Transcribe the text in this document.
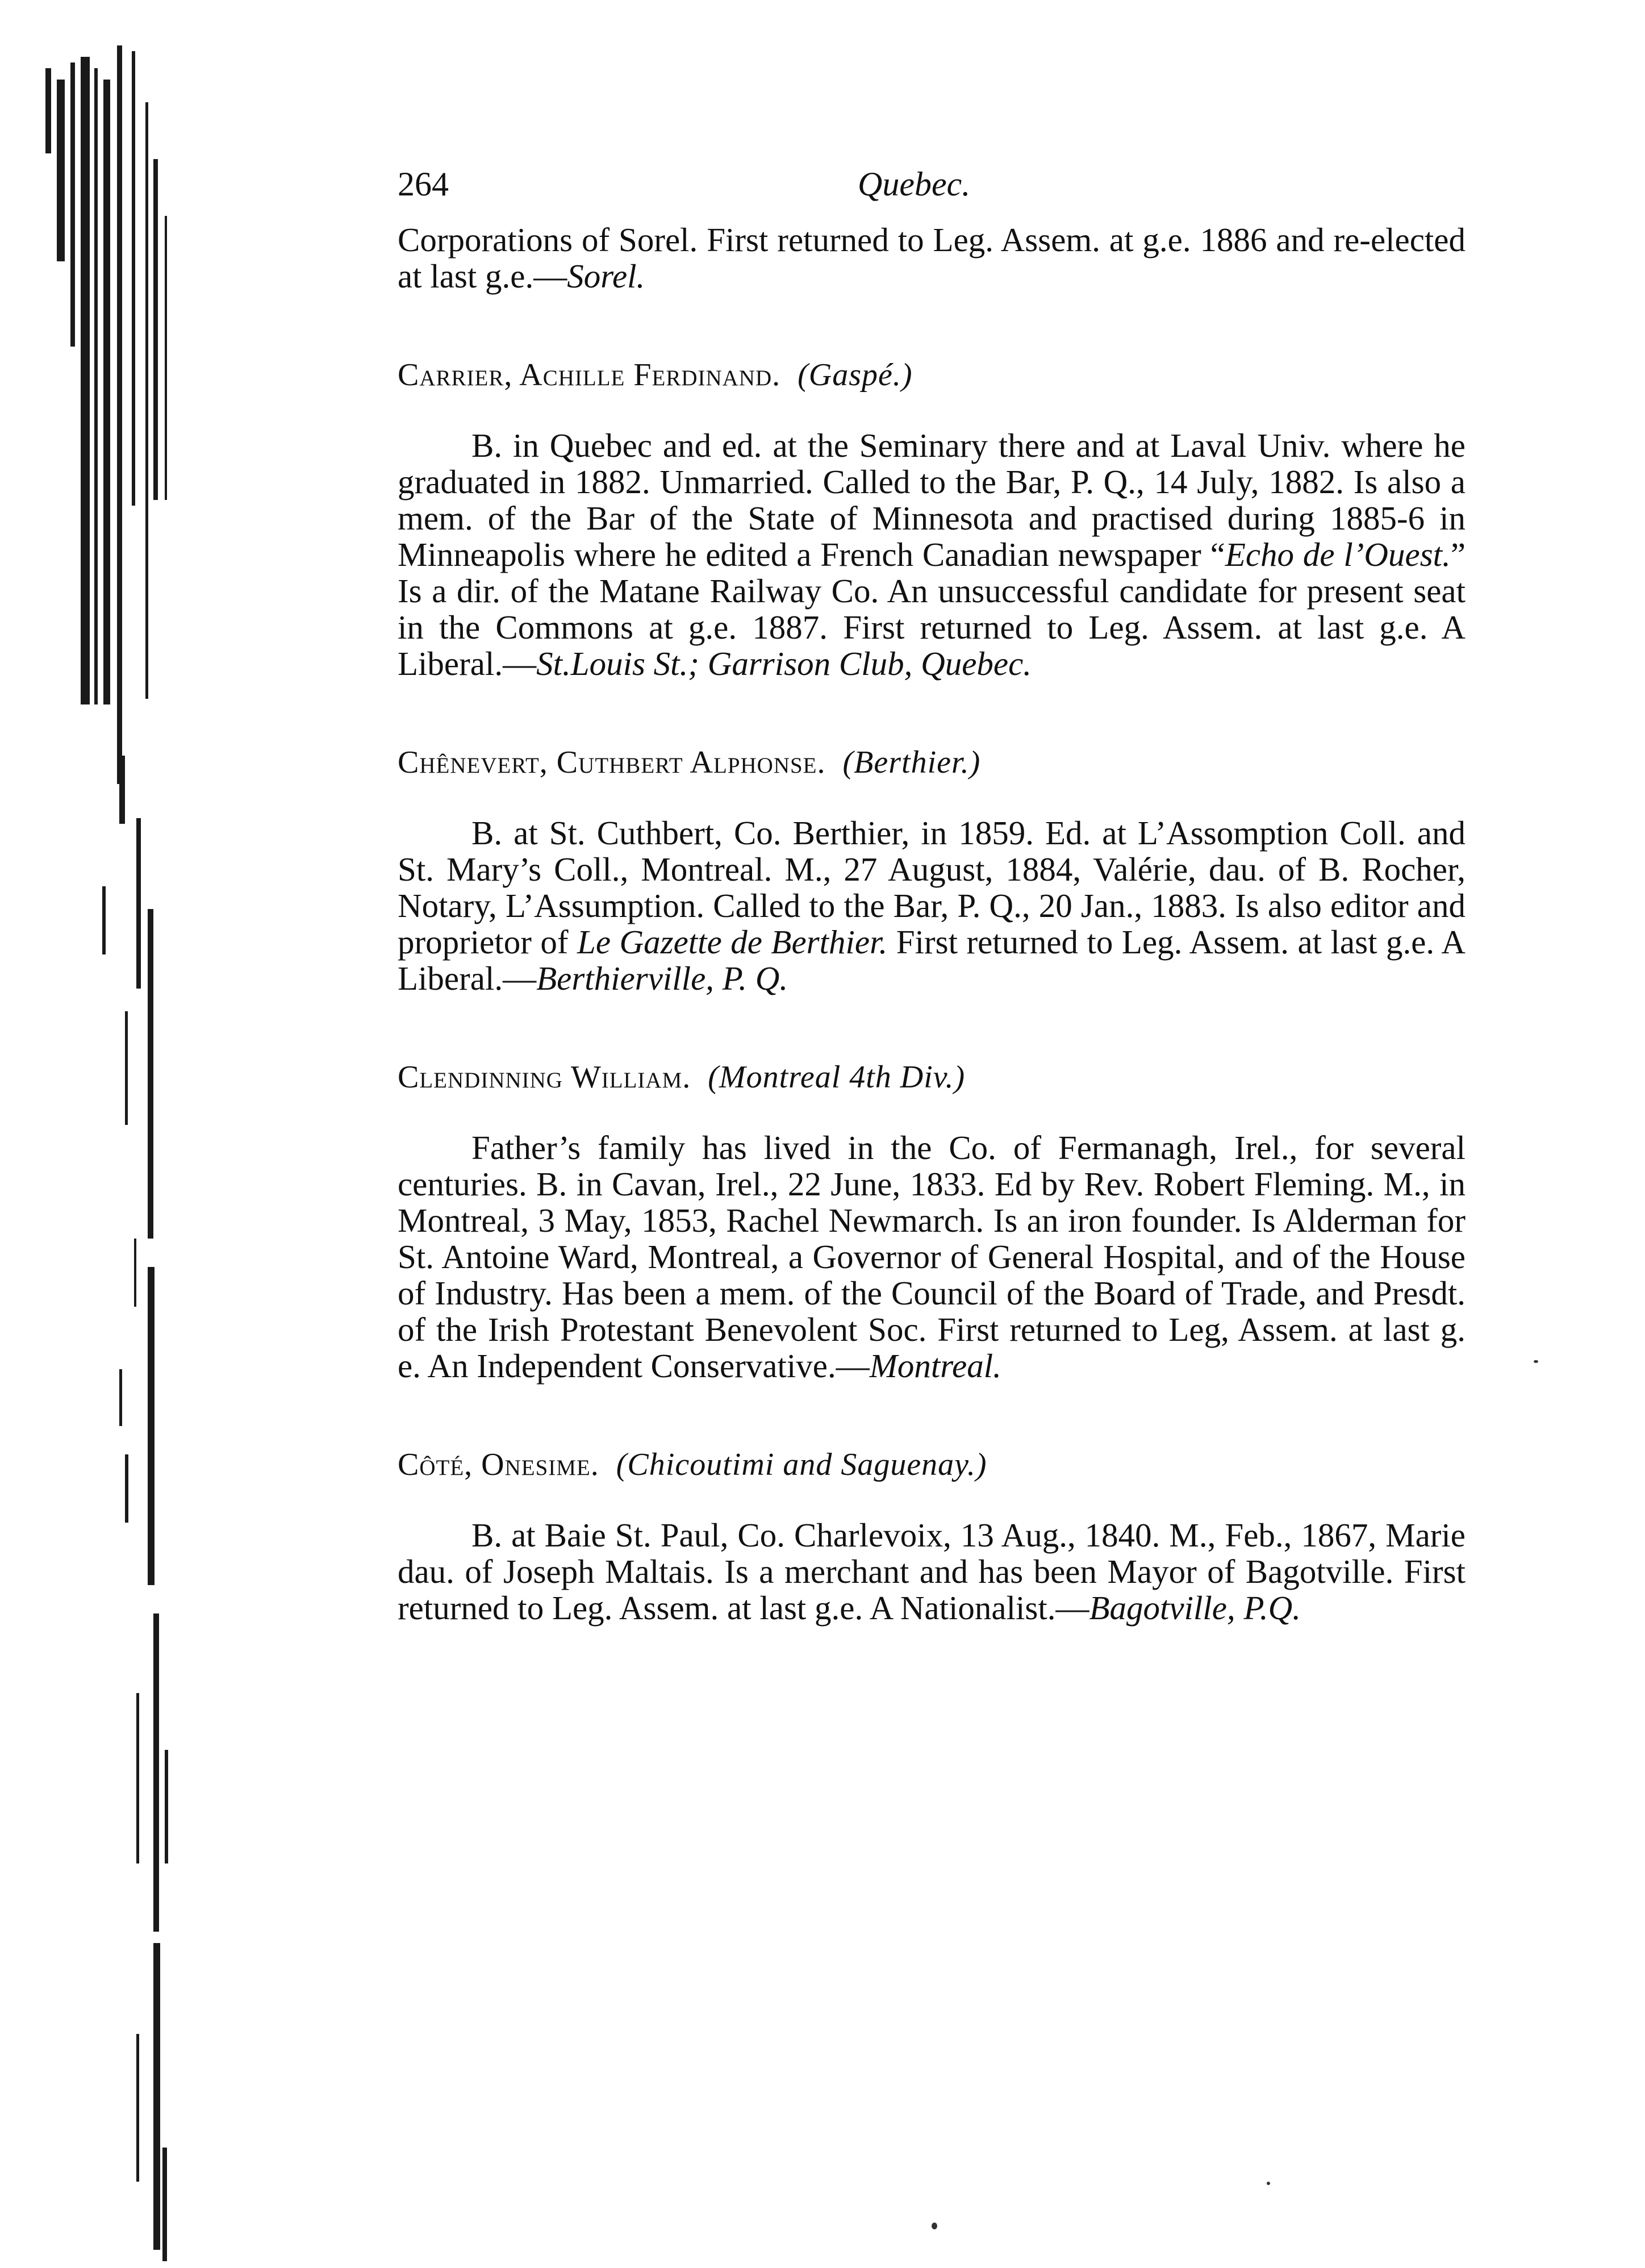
264	Quebec.

Corporations of Sorel. First returned to Leg. Assem. at g.e. 1886 and re-elected at last g.e.—Sorel.

Carrier, Achille Ferdinand. (Gaspé.)

B. in Quebec and ed. at the Seminary there and at Laval Univ. where he graduated in 1882. Unmarried. Called to the Bar, P. Q., 14 July, 1882. Is also a mem. of the Bar of the State of Minnesota and practised during 1885-6 in Minneapolis where he edited a French Canadian newspaper “Echo de l’Ouest.” Is a dir. of the Matane Railway Co. An unsuccessful candidate for present seat in the Commons at g.e. 1887. First returned to Leg. Assem. at last g.e. A Liberal.—St.Louis St.; Garrison Club, Quebec.

Chênevert, Cuthbert Alphonse. (Berthier.)

B. at St. Cuthbert, Co. Berthier, in 1859. Ed. at L’Assomption Coll. and St. Mary’s Coll., Montreal. M., 27 August, 1884, Valérie, dau. of B. Rocher, Notary, L’Assumption. Called to the Bar, P. Q., 20 Jan., 1883. Is also editor and proprietor of Le Gazette de Berthier. First returned to Leg. Assem. at last g.e. A Liberal.—Berthierville, P. Q.

Clendinning William. (Montreal 4th Div.)

Father’s family has lived in the Co. of Fermanagh, Irel., for several centuries. B. in Cavan, Irel., 22 June, 1833. Ed by Rev. Robert Fleming. M., in Montreal, 3 May, 1853, Rachel Newmarch. Is an iron founder. Is Alderman for St. Antoine Ward, Montreal, a Governor of General Hospital, and of the House of Industry. Has been a mem. of the Council of the Board of Trade, and Presdt. of the Irish Protestant Benevolent Soc. First returned to Leg, Assem. at last g. e. An Independent Conservative.—Montreal.

Côté, Onesime. (Chicoutimi and Saguenay.)

B. at Baie St. Paul, Co. Charlevoix, 13 Aug., 1840. M., Feb., 1867, Marie dau. of Joseph Maltais. Is a merchant and has been Mayor of Bagotville. First returned to Leg. Assem. at last g.e. A Nationalist.—Bagotville, P.Q.
